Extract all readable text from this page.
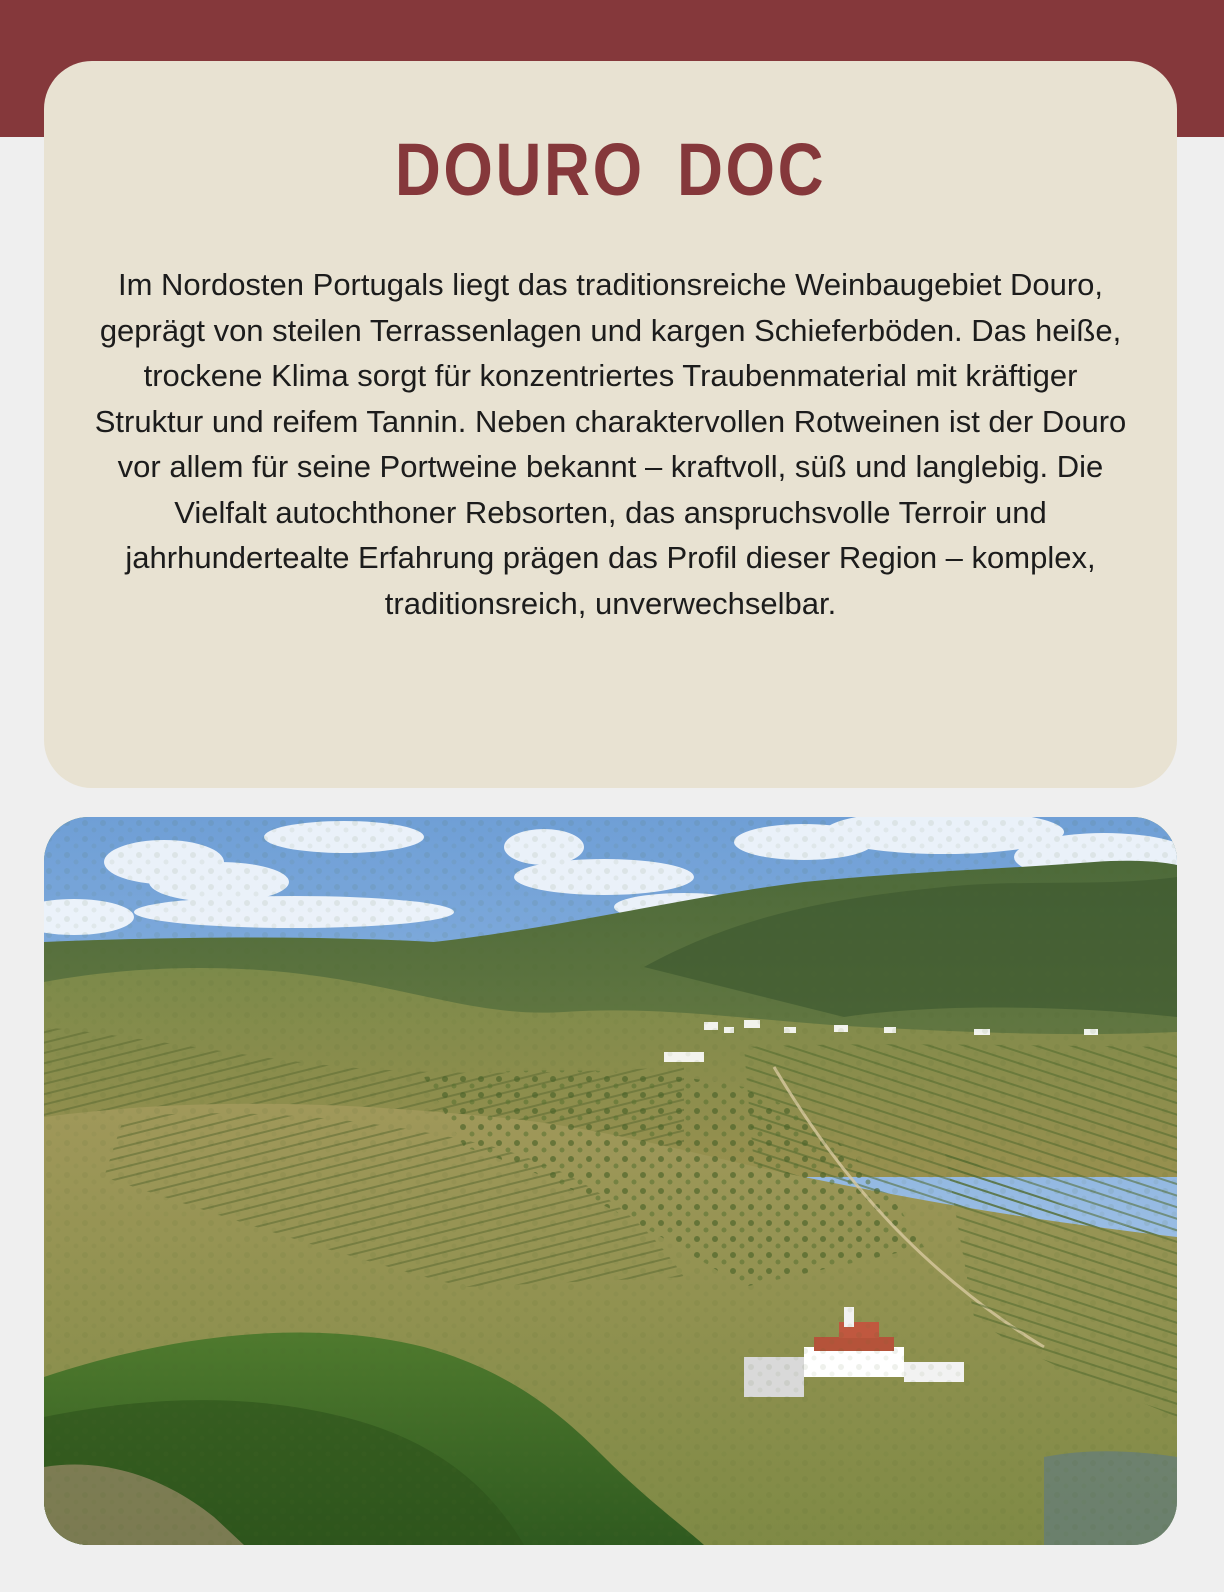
DOURO DOC

Im Nordosten Portugals liegt das traditionsreiche Weinbaugebiet Douro, geprägt von steilen Terrassenlagen und kargen Schieferböden. Das heiße, trockene Klima sorgt für konzentriertes Traubenmaterial mit kräftiger Struktur und reifem Tannin. Neben charaktervollen Rotweinen ist der Douro vor allem für seine Portweine bekannt – kraftvoll, süß und langlebig. Die Vielfalt autochthoner Rebsorten, das anspruchsvolle Terroir und jahrhundertealte Erfahrung prägen das Profil dieser Region – komplex, traditionsreich, unverwechselbar.
